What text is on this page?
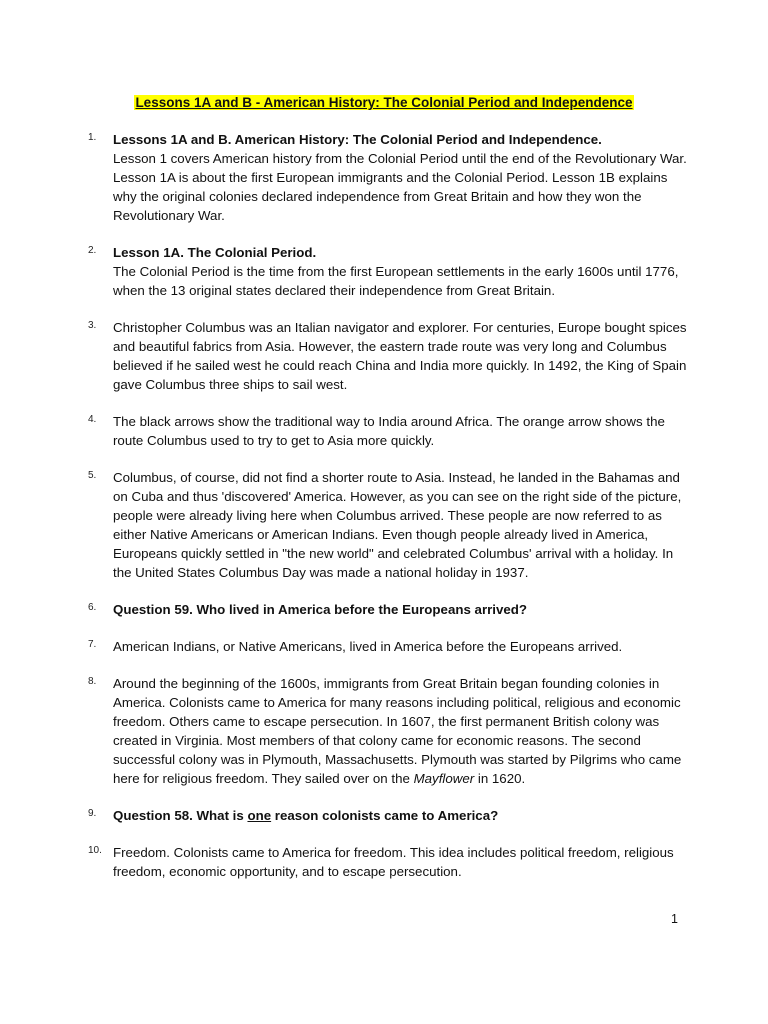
Lessons 1A and B - American History: The Colonial Period and Independence
1. Lessons 1A and B. American History: The Colonial Period and Independence.
Lesson 1 covers American history from the Colonial Period until the end of the Revolutionary War. Lesson 1A is about the first European immigrants and the Colonial Period. Lesson 1B explains why the original colonies declared independence from Great Britain and how they won the Revolutionary War.
2. Lesson 1A. The Colonial Period.
The Colonial Period is the time from the first European settlements in the early 1600s until 1776, when the 13 original states declared their independence from Great Britain.
3. Christopher Columbus was an Italian navigator and explorer. For centuries, Europe bought spices and beautiful fabrics from Asia. However, the eastern trade route was very long and Columbus believed if he sailed west he could reach China and India more quickly. In 1492, the King of Spain gave Columbus three ships to sail west.
4. The black arrows show the traditional way to India around Africa. The orange arrow shows the route Columbus used to try to get to Asia more quickly.
5. Columbus, of course, did not find a shorter route to Asia. Instead, he landed in the Bahamas and on Cuba and thus 'discovered' America. However, as you can see on the right side of the picture, people were already living here when Columbus arrived. These people are now referred to as either Native Americans or American Indians. Even though people already lived in America, Europeans quickly settled in "the new world" and celebrated Columbus' arrival with a holiday. In the United States Columbus Day was made a national holiday in 1937.
6. Question 59. Who lived in America before the Europeans arrived?
7. American Indians, or Native Americans, lived in America before the Europeans arrived.
8. Around the beginning of the 1600s, immigrants from Great Britain began founding colonies in America. Colonists came to America for many reasons including political, religious and economic freedom. Others came to escape persecution. In 1607, the first permanent British colony was created in Virginia. Most members of that colony came for economic reasons. The second successful colony was in Plymouth, Massachusetts. Plymouth was started by Pilgrims who came here for religious freedom. They sailed over on the Mayflower in 1620.
9. Question 58. What is one reason colonists came to America?
10. Freedom. Colonists came to America for freedom. This idea includes political freedom, religious freedom, economic opportunity, and to escape persecution.
1
